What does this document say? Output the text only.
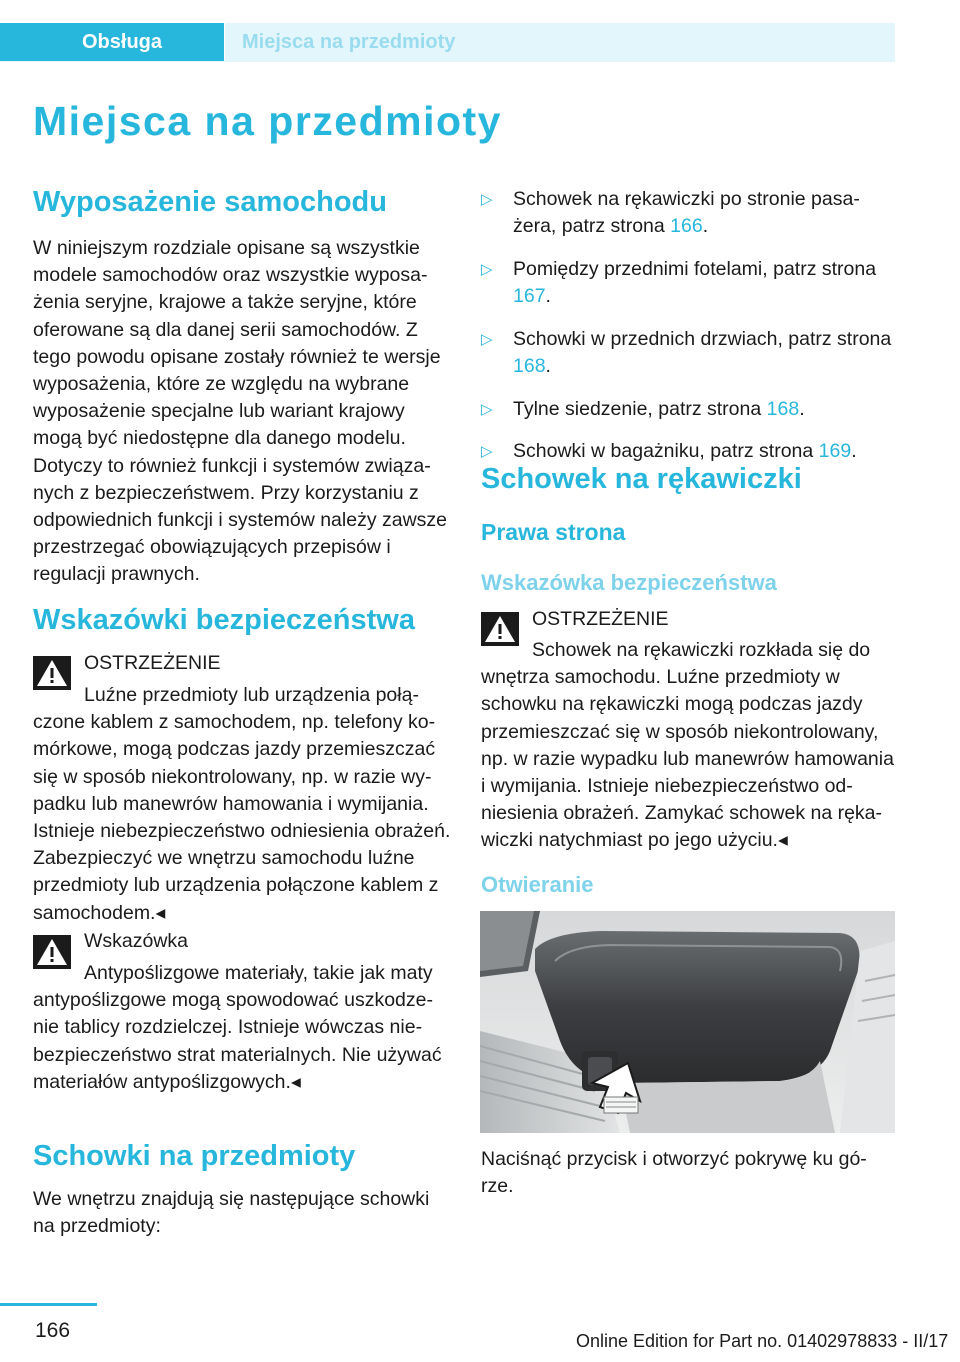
Obsługa	Miejsca na przedmioty
Miejsca na przedmioty
Wyposażenie samochodu
W niniejszym rozdziale opisane są wszystkie modele samochodów oraz wszystkie wyposażenia seryjne, krajowe a także seryjne, które oferowane są dla danej serii samochodów. Z tego powodu opisane zostały również te wersje wyposażenia, które ze względu na wybrane wyposażenie specjalne lub wariant krajowy mogą być niedostępne dla danego modelu. Dotyczy to również funkcji i systemów związanych z bezpieczeństwem. Przy korzystaniu z odpowiednich funkcji i systemów należy zawsze przestrzegać obowiązujących przepisów i regulacji prawnych.
Wskazówki bezpieczeństwa
OSTRZEŻENIE
Luźne przedmioty lub urządzenia połączone kablem z samochodem, np. telefony komórkowe, mogą podczas jazdy przemieszczać się w sposób niekontrolowany, np. w razie wypadku lub manewrów hamowania i wymijania. Istnieje niebezpieczeństwo odniesienia obrażeń. Zabezpieczyć we wnętrzu samochodu luźne przedmioty lub urządzenia połączone kablem z samochodem.◂
Wskazówka
Antypoślizgowe materiały, takie jak maty antypoślizgowe mogą spowodować uszkodzenie tablicy rozdzielczej. Istnieje wówczas niebezpieczeństwo strat materialnych. Nie używać materiałów antypoślizgowych.◂
Schowki na przedmioty
We wnętrzu znajdują się następujące schowki na przedmioty:
▷ Schowek na rękawiczki po stronie pasażera, patrz strona 166.
▷ Pomiędzy przednimi fotelami, patrz strona 167.
▷ Schowki w przednich drzwiach, patrz strona 168.
▷ Tylne siedzenie, patrz strona 168.
▷ Schowki w bagażniku, patrz strona 169.
Schowek na rękawiczki
Prawa strona
Wskazówka bezpieczeństwa
OSTRZEŻENIE
Schowek na rękawiczki rozkłada się do wnętrza samochodu. Luźne przedmioty w schowku na rękawiczki mogą podczas jazdy przemieszczać się w sposób niekontrolowany, np. w razie wypadku lub manewrów hamowania i wymijania. Istnieje niebezpieczeństwo odniesienia obrażeń. Zamykać schowek na rękawiczki natychmiast po jego użyciu.◂
Otwieranie
Naciśnąć przycisk i otworzyć pokrywę ku górze.
166	Online Edition for Part no. 01402978833 - II/17
